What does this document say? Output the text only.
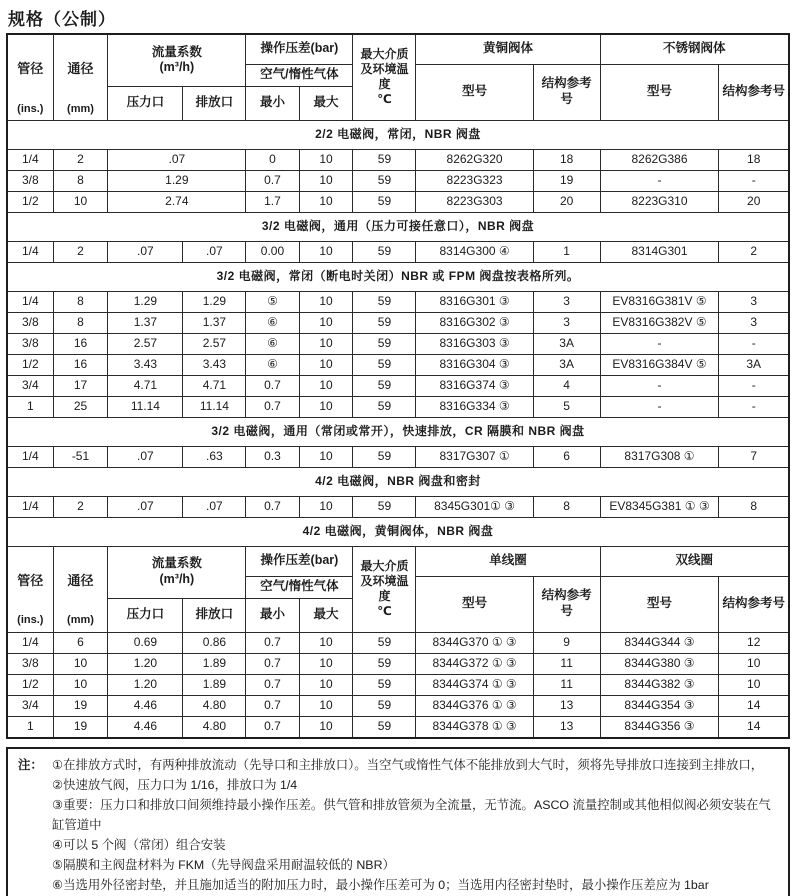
规格（公制）
管径
(ins.)

通径
(mm)

流量系数
(m³/h)
	操作压差(bar)	最大介质及环境温度
℃
	黄铜阀体	不锈钢阀体
				空气/惰性气体			型号	结构参考号	型号	结构参考号
		压力口	排放口	最小	最大					
2/2 电磁阀，常闭，NBR 阀盘										
1/4	2	.07		0	10	59	8262G320	18	8262G386	18
3/8	8	1.29		0.7	10	59	8223G323	19	-	-
1/2	10	2.74		1.7	10	59	8223G303	20	8223G310	20
3/2 电磁阀，通用（压力可接任意口），NBR 阀盘										
1/4	2	.07	.07	0.00	10	59	8314G300 ④	1	8314G301	2
3/2 电磁阀，常闭（断电时关闭）NBR 或 FPM 阀盘按表格所列。										
1/4	8	1.29	1.29	⑤	10	59	8316G301 ③	3	EV8316G381V ⑤	3
3/8	8	1.37	1.37	⑥	10	59	8316G302 ③	3	EV8316G382V ⑤	3
3/8	16	2.57	2.57	⑥	10	59	8316G303 ③	3A	-	-
1/2	16	3.43	3.43	⑥	10	59	8316G304 ③	3A	EV8316G384V ⑤	3A
3/4	17	4.71	4.71	0.7	10	59	8316G374 ③	4	-	-
1	25	11.14	11.14	0.7	10	59	8316G334 ③	5	-	-
3/2 电磁阀，通用（常闭或常开），快速排放，CR 隔膜和 NBR 阀盘										
1/4	-51	.07	.63	0.3	10	59	8317G307 ①	6	8317G308 ①	7
4/2 电磁阀，NBR 阀盘和密封										
1/4	2	.07	.07	0.7	10	59	8345G301① ③	8	EV8345G381 ① ③	8
4/2 电磁阀，黄铜阀体，NBR 阀盘										

管径
(ins.)

通径
(mm)

流量系数
(m³/h)
	操作压差(bar)	最大介质及环境温度
℃
	单线圈	双线圈
				空气/惰性气体			型号	结构参考号	型号	结构参考号
		压力口	排放口	最小	最大					
1/4	6	0.69	0.86	0.7	10	59	8344G370 ① ③	9	8344G344 ③	12
3/8	10	1.20	1.89	0.7	10	59	8344G372 ① ③	11	8344G380 ③	10
1/2	10	1.20	1.89	0.7	10	59	8344G374 ① ③	11	8344G382 ③	10
3/4	19	4.46	4.80	0.7	10	59	8344G376 ① ③	13	8344G354 ③	14
1	19	4.46	4.80	0.7	10	59	8344G378 ① ③	13	8344G356 ③	14
注： ①在排放方式时，有两种排放流动（先导口和主排放口）。当空气或惰性气体不能排放到大气时，须将先导排放口连接到主排放口，
②快速放气阀，压力口为 1/16，排放口为 1/4
③重要：压力口和排放口间须维持最小操作压差。供气管和排放管须为全流量，无节流。ASCO 流量控制或其他相似阀必须安装在气缸管道中
④可以 5 个阀（常闭）组合安装
⑤隔膜和主阀盘材料为 FKM（先导阀盘采用耐温较低的 NBR）
⑥当选用外径密封垫，并且施加适当的附加压力时，最小操作压差可为 0；当选用内径密封垫时，最小操作压差应为 1bar
